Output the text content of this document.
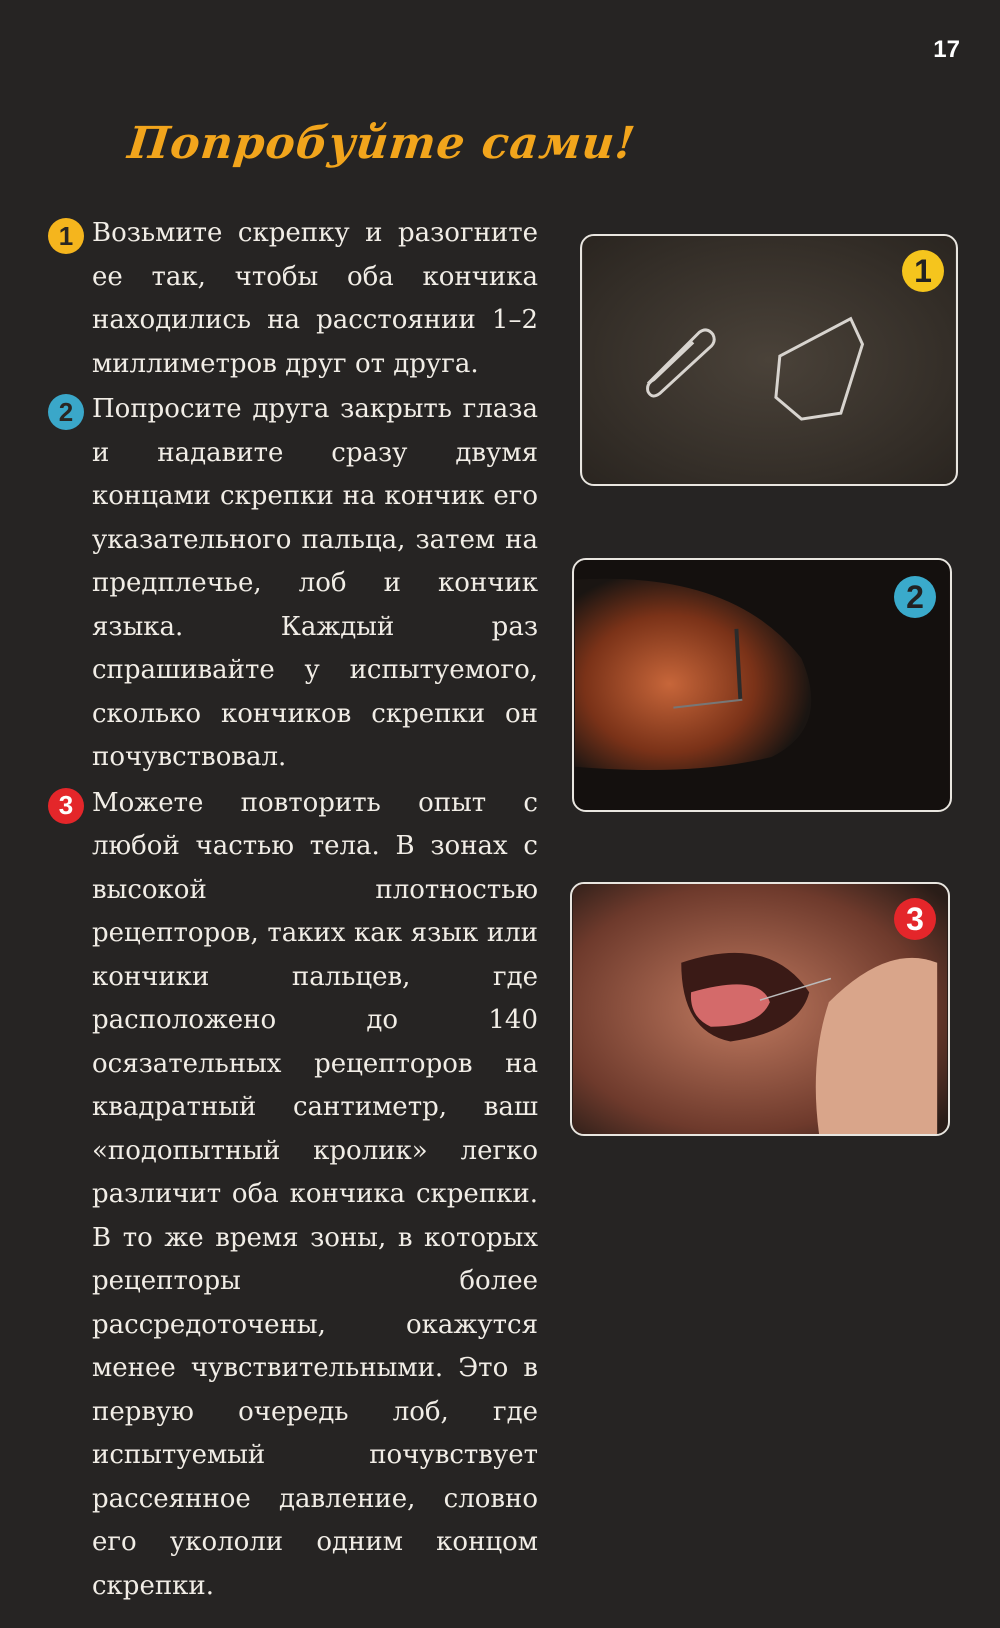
17
Попробуйте сами!
1 Возьмите скрепку и разогните ее так, чтобы оба кончика находились на расстоянии 1–2 миллиметров друг от друга.
2 Попросите друга закрыть глаза и надавите сразу двумя концами скрепки на кончик его указательного пальца, затем на предплечье, лоб и кончик языка. Каждый раз спрашивайте у испытуемого, сколько кончиков скрепки он почувствовал.
3 Можете повторить опыт с любой частью тела. В зонах с высокой плотностью рецепторов, таких как язык или кончики пальцев, где расположено до 140 осязательных рецепторов на квадратный сантиметр, ваш «подопытный кролик» легко различит оба кончика скрепки. В то же время зоны, в которых рецепторы более рассредоточены, окажутся менее чувствительными. Это в первую очередь лоб, где испытуемый почувствует рассеянное давление, словно его укололи одним концом скрепки.
1
2
3
